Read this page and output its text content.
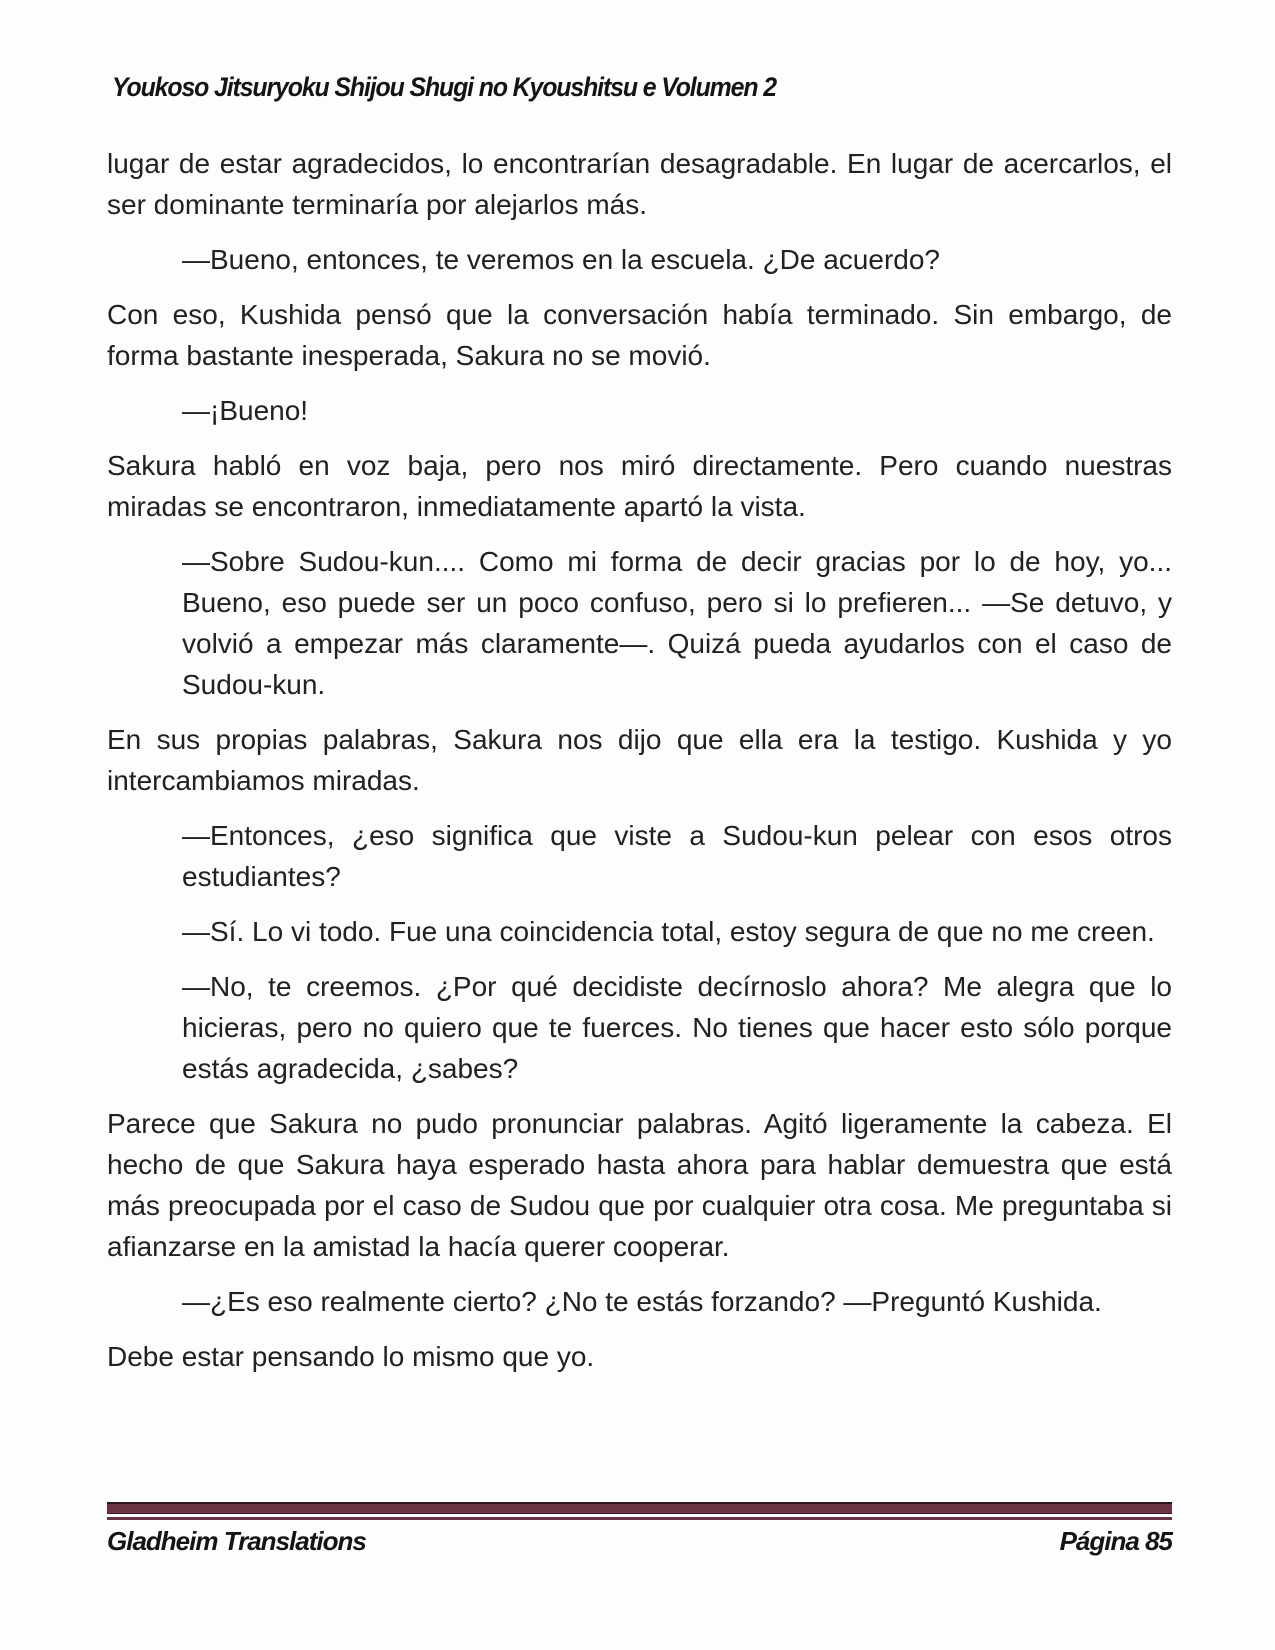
Youkoso Jitsuryoku Shijou Shugi no Kyoushitsu e Volumen 2
lugar de estar agradecidos, lo encontrarían desagradable. En lugar de acercarlos, el ser dominante terminaría por alejarlos más.
—Bueno, entonces, te veremos en la escuela. ¿De acuerdo?
Con eso, Kushida pensó que la conversación había terminado. Sin embargo, de forma bastante inesperada, Sakura no se movió.
—¡Bueno!
Sakura habló en voz baja, pero nos miró directamente. Pero cuando nuestras miradas se encontraron, inmediatamente apartó la vista.
—Sobre Sudou-kun.... Como mi forma de decir gracias por lo de hoy, yo... Bueno, eso puede ser un poco confuso, pero si lo prefieren... —Se detuvo, y volvió a empezar más claramente—. Quizá pueda ayudarlos con el caso de Sudou-kun.
En sus propias palabras, Sakura nos dijo que ella era la testigo. Kushida y yo intercambiamos miradas.
—Entonces, ¿eso significa que viste a Sudou-kun pelear con esos otros estudiantes?
—Sí. Lo vi todo. Fue una coincidencia total, estoy segura de que no me creen.
—No, te creemos. ¿Por qué decidiste decírnoslo ahora? Me alegra que lo hicieras, pero no quiero que te fuerces. No tienes que hacer esto sólo porque estás agradecida, ¿sabes?
Parece que Sakura no pudo pronunciar palabras. Agitó ligeramente la cabeza. El hecho de que Sakura haya esperado hasta ahora para hablar demuestra que está más preocupada por el caso de Sudou que por cualquier otra cosa. Me preguntaba si afianzarse en la amistad la hacía querer cooperar.
—¿Es eso realmente cierto? ¿No te estás forzando? —Preguntó Kushida.
Debe estar pensando lo mismo que yo.
Gladheim Translations	Página 85
